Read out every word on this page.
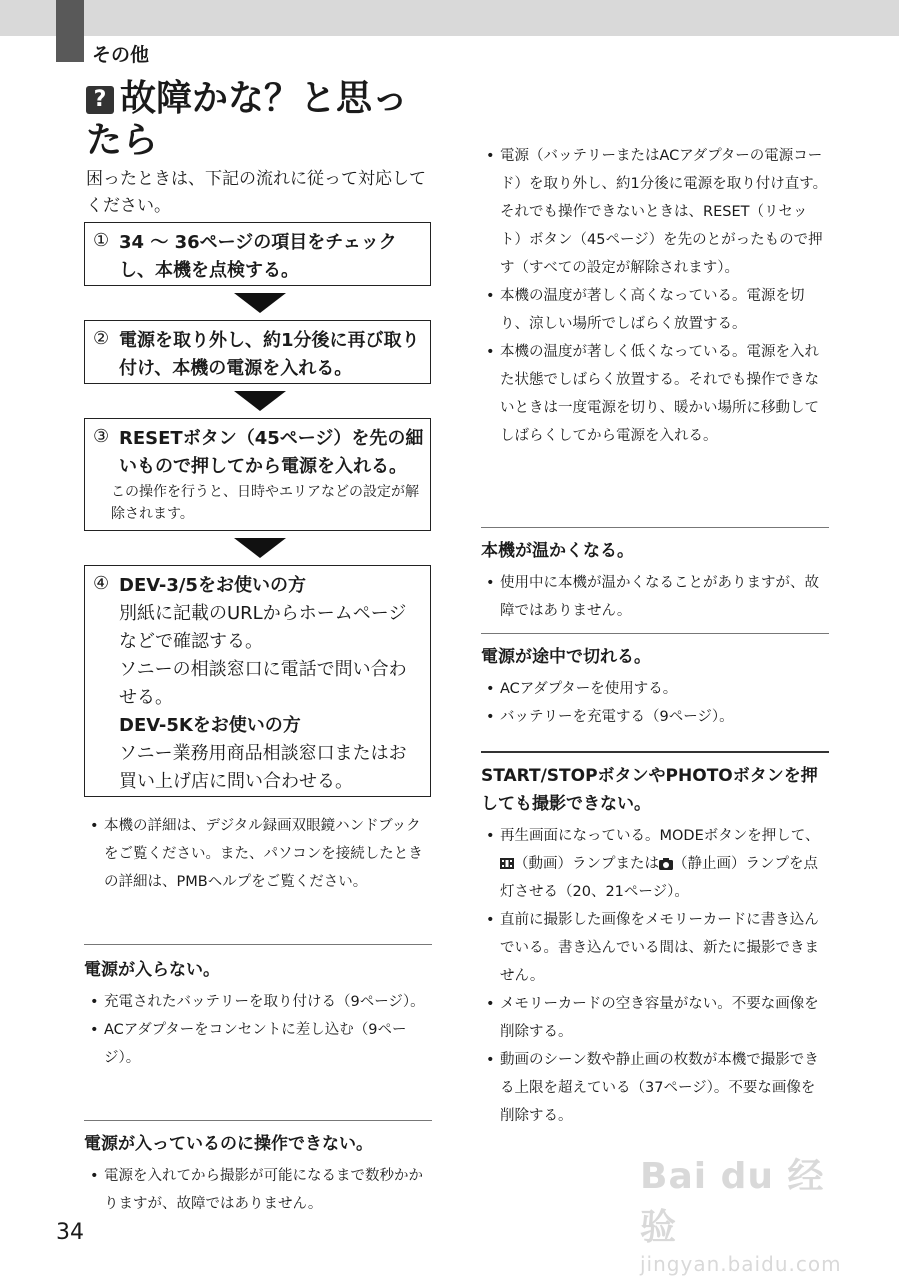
その他
? 故障かな？と思ったら
困ったときは、下記の流れに従って対応してください。
① 34 ～ 36ページの項目をチェックし、本機を点検する。
② 電源を取り外し、約1分後に再び取り付け、本機の電源を入れる。
③ RESETボタン（45ページ）を先の細いもので押してから電源を入れる。
この操作を行うと、日時やエリアなどの設定が解除されます。
④ DEV-3/5をお使いの方
別紙に記載のURLからホームページなどで確認する。
ソニーの相談窓口に電話で問い合わせる。
DEV-5Kをお使いの方
ソニー業務用商品相談窓口またはお買い上げ店に問い合わせる。
• 本機の詳細は、デジタル録画双眼鏡ハンドブックをご覧ください。また、パソコンを接続したときの詳細は、PMBヘルプをご覧ください。
電源が入らない。
• 充電されたバッテリーを取り付ける（9ページ）。
• ACアダプターをコンセントに差し込む（9ページ）。
電源が入っているのに操作できない。
• 電源を入れてから撮影が可能になるまで数秒かかりますが、故障ではありません。
• 電源（バッテリーまたはACアダプターの電源コード）を取り外し、約1分後に電源を取り付け直す。それでも操作できないときは、RESET（リセット）ボタン（45ページ）を先のとがったもので押す（すべての設定が解除されます）。
• 本機の温度が著しく高くなっている。電源を切り、涼しい場所でしばらく放置する。
• 本機の温度が著しく低くなっている。電源を入れた状態でしばらく放置する。それでも操作できないときは一度電源を切り、暖かい場所に移動してしばらくしてから電源を入れる。
本機が温かくなる。
• 使用中に本機が温かくなることがありますが、故障ではありません。
電源が途中で切れる。
• ACアダプターを使用する。
• バッテリーを充電する（9ページ）。
START/STOPボタンやPHOTOボタンを押しても撮影できない。
• 再生画面になっている。MODEボタンを押して、（動画）ランプまたは （静止画）ランプを点灯させる（20、21ページ）。
• 直前に撮影した画像をメモリーカードに書き込んでいる。書き込んでいる間は、新たに撮影できません。
• メモリーカードの空き容量がない。不要な画像を削除する。
• 動画のシーン数や静止画の枚数が本機で撮影できる上限を超えている（37ページ）。不要な画像を削除する。
34
Bai du 经验
jingyan.baidu.com
